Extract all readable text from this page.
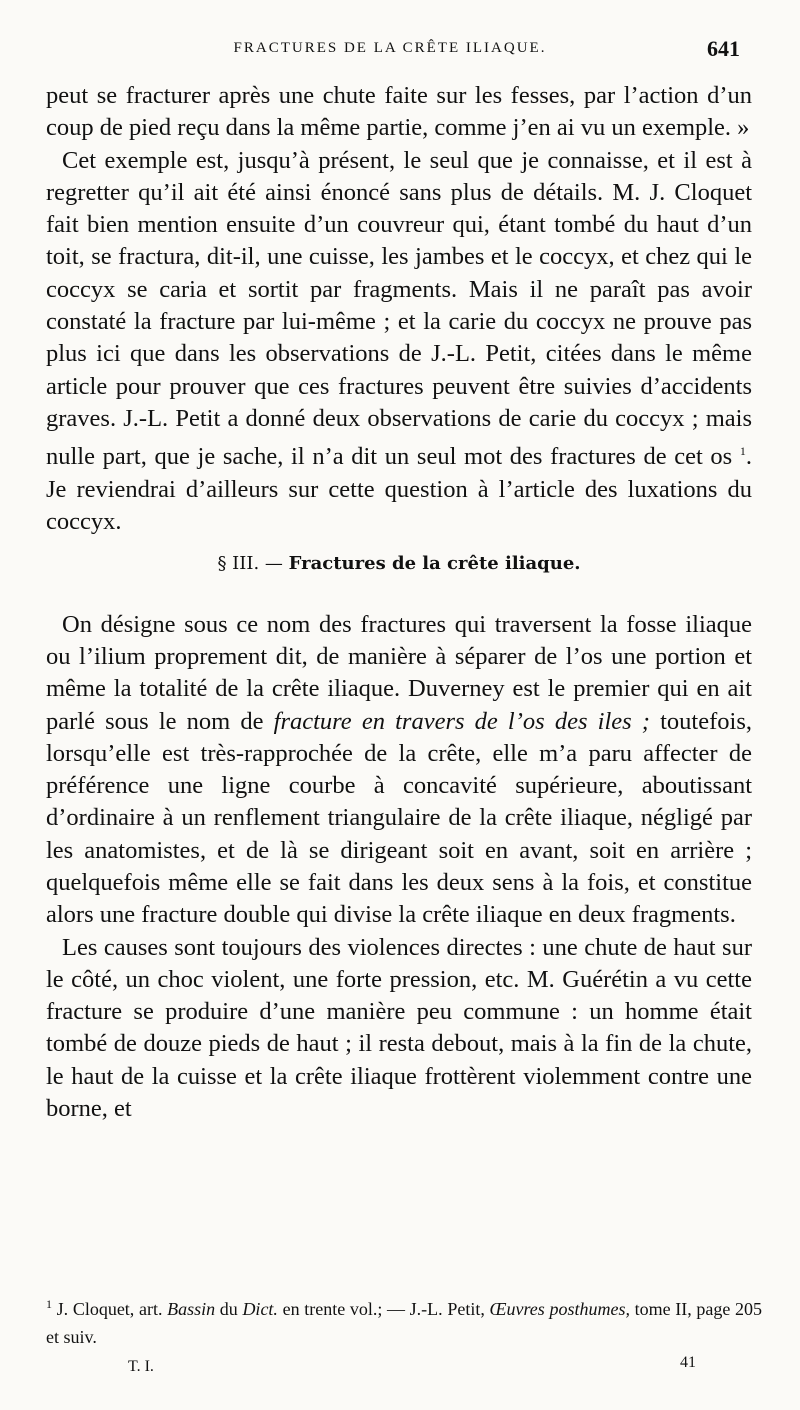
FRACTURES DE LA CRÊTE ILIAQUE.	641

peut se fracturer après une chute faite sur les fesses, par l’action d’un coup de pied reçu dans la même partie, comme j’en ai vu un exemple. »

Cet exemple est, jusqu’à présent, le seul que je connaisse, et il est à regretter qu’il ait été ainsi énoncé sans plus de détails. M. J. Cloquet fait bien mention ensuite d’un couvreur qui, étant tombé du haut d’un toit, se fractura, dit-il, une cuisse, les jambes et le coccyx, et chez qui le coccyx se caria et sortit par fragments. Mais il ne paraît pas avoir constaté la fracture par lui-même ; et la carie du coccyx ne prouve pas plus ici que dans les observations de J.-L. Petit, citées dans le même article pour prouver que ces fractures peuvent être suivies d’accidents graves. J.-L. Petit a donné deux observations de carie du coccyx ; mais nulle part, que je sache, il n’a dit un seul mot des fractures de cet os $^1$. Je reviendrai d’ailleurs sur cette question à l’article des luxations du coccyx.

§ III. — Fractures de la crête iliaque.

On désigne sous ce nom des fractures qui traversent la fosse iliaque ou l’ilium proprement dit, de manière à séparer de l’os une portion et même la totalité de la crête iliaque. Duverney est le premier qui en ait parlé sous le nom de fracture en travers de l’os des iles ; toutefois, lorsqu’elle est très-rapprochée de la crête, elle m’a paru affecter de préférence une ligne courbe à concavité supérieure, aboutissant d’ordinaire à un renflement triangulaire de la crête iliaque, négligé par les anatomistes, et de là se dirigeant soit en avant, soit en arrière ; quelquefois même elle se fait dans les deux sens à la fois, et constitue alors une fracture double qui divise la crête iliaque en deux fragments.

Les causes sont toujours des violences directes : une chute de haut sur le côté, un choc violent, une forte pression, etc. M. Guérétin a vu cette fracture se produire d’une manière peu commune : un homme était tombé de douze pieds de haut ; il resta debout, mais à la fin de la chute, le haut de la cuisse et la crête iliaque frottèrent violemment contre une borne, et

$^1$ J. Cloquet, art. Bassin du Dict. en trente vol.; — J.-L. Petit, Œuvres posthumes, tome II, page 205 et suiv.

T. I.	41
